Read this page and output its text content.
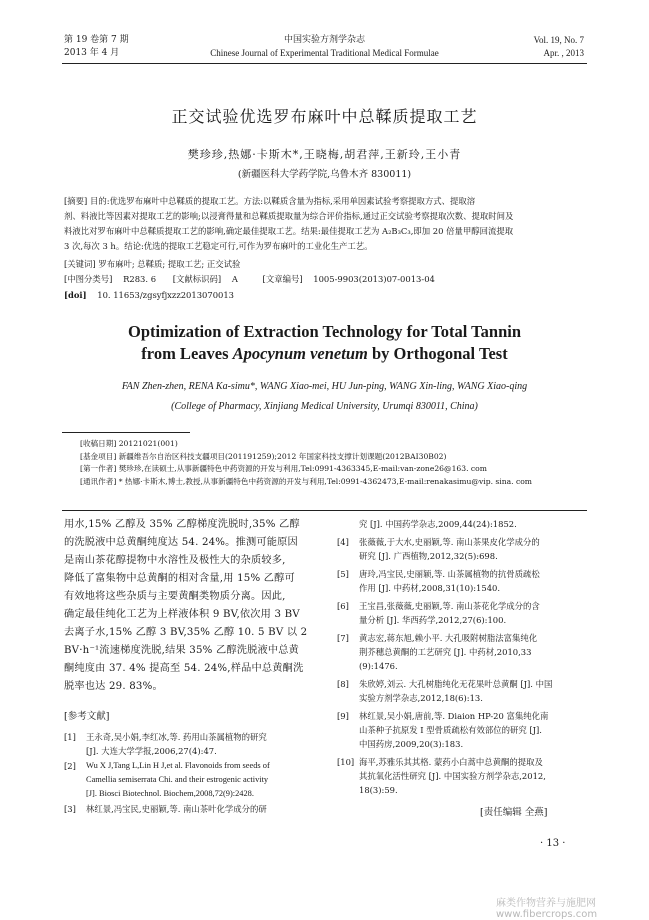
第 19 卷第 7 期
2013 年 4 月
中国实验方剂学杂志
Chinese Journal of Experimental Traditional Medical Formulae
Vol. 19, No. 7
Apr. , 2013
正交试验优选罗布麻叶中总鞣质提取工艺
樊珍珍,热娜·卡斯木*,王晓梅,胡君萍,王新玲,王小青
(新疆医科大学药学院,乌鲁木齐 830011)
[摘要] 目的:优选罗布麻叶中总鞣质的提取工艺。方法:以鞣质含量为指标,采用单因素试验考察提取方式、提取溶
剂、料液比等因素对提取工艺的影响;以浸膏得量和总鞣质提取量为综合评价指标,通过正交试验考察提取次数、提取时间及
料液比对罗布麻叶中总鞣质提取工艺的影响,确定最佳提取工艺。结果:最佳提取工艺为 A₂B₃C₃,即加 20 倍量甲醇回流提取
3 次,每次 3 h。结论:优选的提取工艺稳定可行,可作为罗布麻叶的工业化生产工艺。
[关键词] 罗布麻叶; 总鞣质; 提取工艺; 正交试验
[中图分类号] R283. 6 [文献标识码] A	[文章编号] 1005-9903(2013)07-0013-04
[doi] 10. 11653/zgsyfjxzz2013070013
Optimization of Extraction Technology for Total Tannin
from Leaves Apocynum venetum by Orthogonal Test
FAN Zhen-zhen, RENA Ka-simu*, WANG Xiao-mei, HU Jun-ping, WANG Xin-ling, WANG Xiao-qing
(College of Pharmacy, Xinjiang Medical University, Urumqi 830011, China)
[收稿日期] 20121021(001)
[基金项目] 新疆维吾尔自治区科技支疆项目(201191259);2012 年国家科技支撑计划课题(2012BAI30B02)
[第一作者] 樊珍珍,在读硕士,从事新疆特色中药资源的开发与利用,Tel:0991-4363345,E-mail:van-zone26@163. com
[通讯作者] * 热娜·卡斯木,博士,教授,从事新疆特色中药资源的开发与利用,Tel:0991-4362473,E-mail:renakasimu@vip. sina. com
用水,15% 乙醇及 35% 乙醇梯度洗脱时,35% 乙醇
的洗脱液中总黄酮纯度达 54. 24%。推测可能原因
是南山茶花醇提物中水溶性及极性大的杂质较多,
降低了富集物中总黄酮的相对含量,用 15% 乙醇可
有效地将这些杂质与主要黄酮类物质分离。因此,
确定最佳纯化工艺为上样液体积 9 BV,依次用 3 BV
去离子水,15% 乙醇 3 BV,35% 乙醇 10. 5 BV 以 2
BV·h⁻¹流速梯度洗脱,结果 35% 乙醇洗脱液中总黄
酮纯度由 37. 4% 提高至 54. 24%,样品中总黄酮洗
脱率也达 29. 83%。
[参考文献]
[1]	王永奇,吴小娟,李红冰,等. 药用山茶属植物的研究
[J]. 大连大学学报,2006,27(4):47.
[2]	Wu X J,Tang L,Lin H J,et al. Flavonoids from seeds of
Camellia semiserrata Chi. and their estrogenic activity
[J]. Biosci Biotechnol. Biochem,2008,72(9):2428.
[3]	林红景,冯宝民,史丽颖,等. 南山茶叶化学成分的研
究 [J]. 中国药学杂志,2009,44(24):1852.
[4]	张薇薇,于大水,史丽颖,等. 南山茶果皮化学成分的
研究 [J]. 广西植物,2012,32(5):698.
[5]	唐玲,冯宝民,史丽颖,等. 山茶属植物的抗骨质疏松
作用 [J]. 中药材,2008,31(10):1540.
[6]	王宝昌,张薇薇,史丽颖,等. 南山茶花化学成分的含
量分析 [J]. 华西药学,2012,27(6):100.
[7]	黄志宏,蒋东旭,赖小平. 大孔吸附树脂法富集纯化
荆芥穗总黄酮的工艺研究 [J]. 中药材,2010,33
(9):1476.
[8]	朱欣婷,刘云. 大孔树脂纯化无花果叶总黄酮 [J]. 中国
实验方剂学杂志,2012,18(6):13.
[9]	林红景,吴小娟,唐前,等. Diaion HP-20 富集纯化南
山茶种子抗原发 I 型骨质疏松有效部位的研究 [J].
中国药房,2009,20(3):183.
[10] 海平,苏雅乐其其格. 蒙药小白蒿中总黄酮的提取及
其抗氧化活性研究 [J]. 中国实验方剂学杂志,2012,
18(3):59.
[责任编辑 全燕]
· 13 ·
麻类作物营养与施肥网 www.fibercrops.com
